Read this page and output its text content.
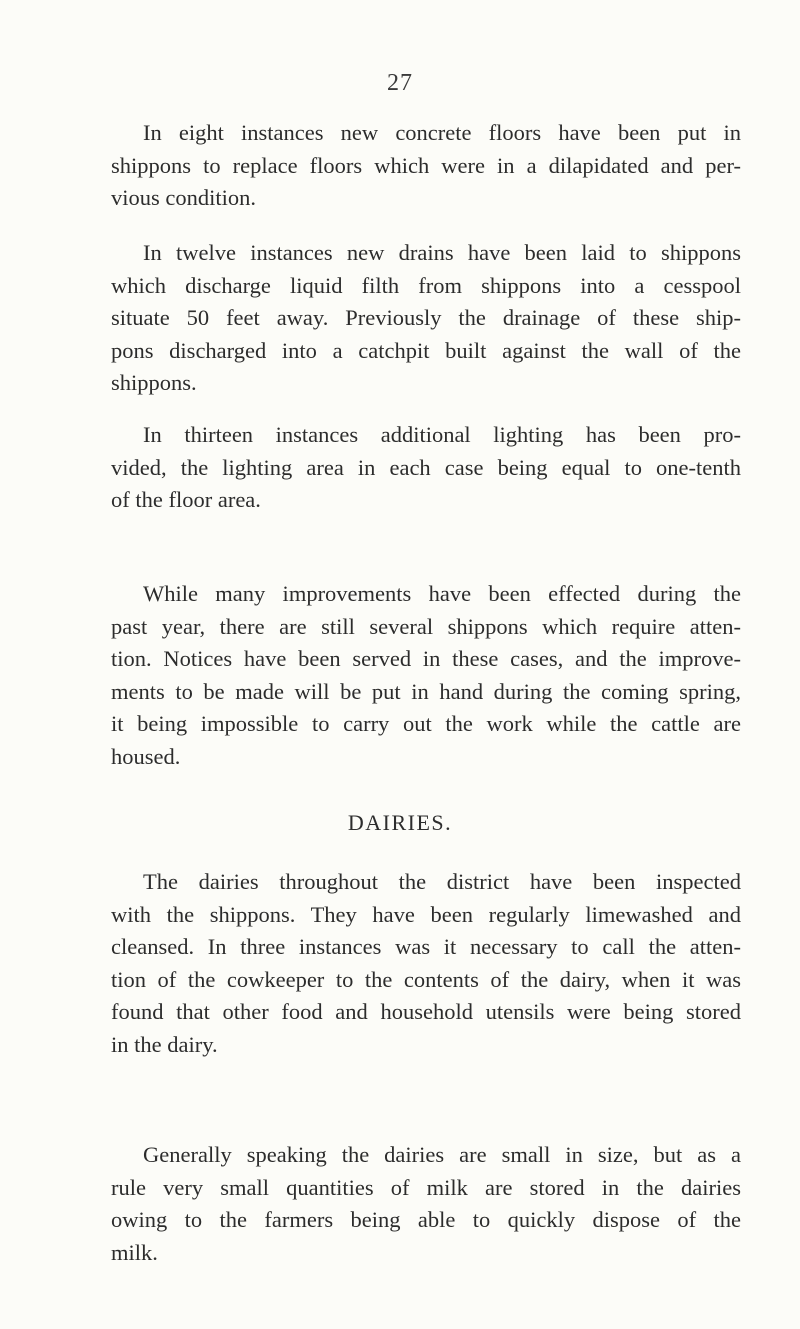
27
In eight instances new concrete floors have been put in
shippons to replace floors which were in a dilapidated and per-
vious condition.
In twelve instances new drains have been laid to shippons
which discharge liquid filth from shippons into a cesspool
situate 50 feet away. Previously the drainage of these ship-
pons discharged into a catchpit built against the wall of the
shippons.
In thirteen instances additional lighting has been pro-
vided, the lighting area in each case being equal to one-tenth
of the floor area.
While many improvements have been effected during the
past year, there are still several shippons which require atten-
tion. Notices have been served in these cases, and the improve-
ments to be made will be put in hand during the coming spring,
it being impossible to carry out the work while the cattle are
housed.
DAIRIES.
The dairies throughout the district have been inspected
with the shippons. They have been regularly limewashed and
cleansed. In three instances was it necessary to call the atten-
tion of the cowkeeper to the contents of the dairy, when it was
found that other food and household utensils were being stored
in the dairy.
Generally speaking the dairies are small in size, but as a
rule very small quantities of milk are stored in the dairies
owing to the farmers being able to quickly dispose of the
milk.
